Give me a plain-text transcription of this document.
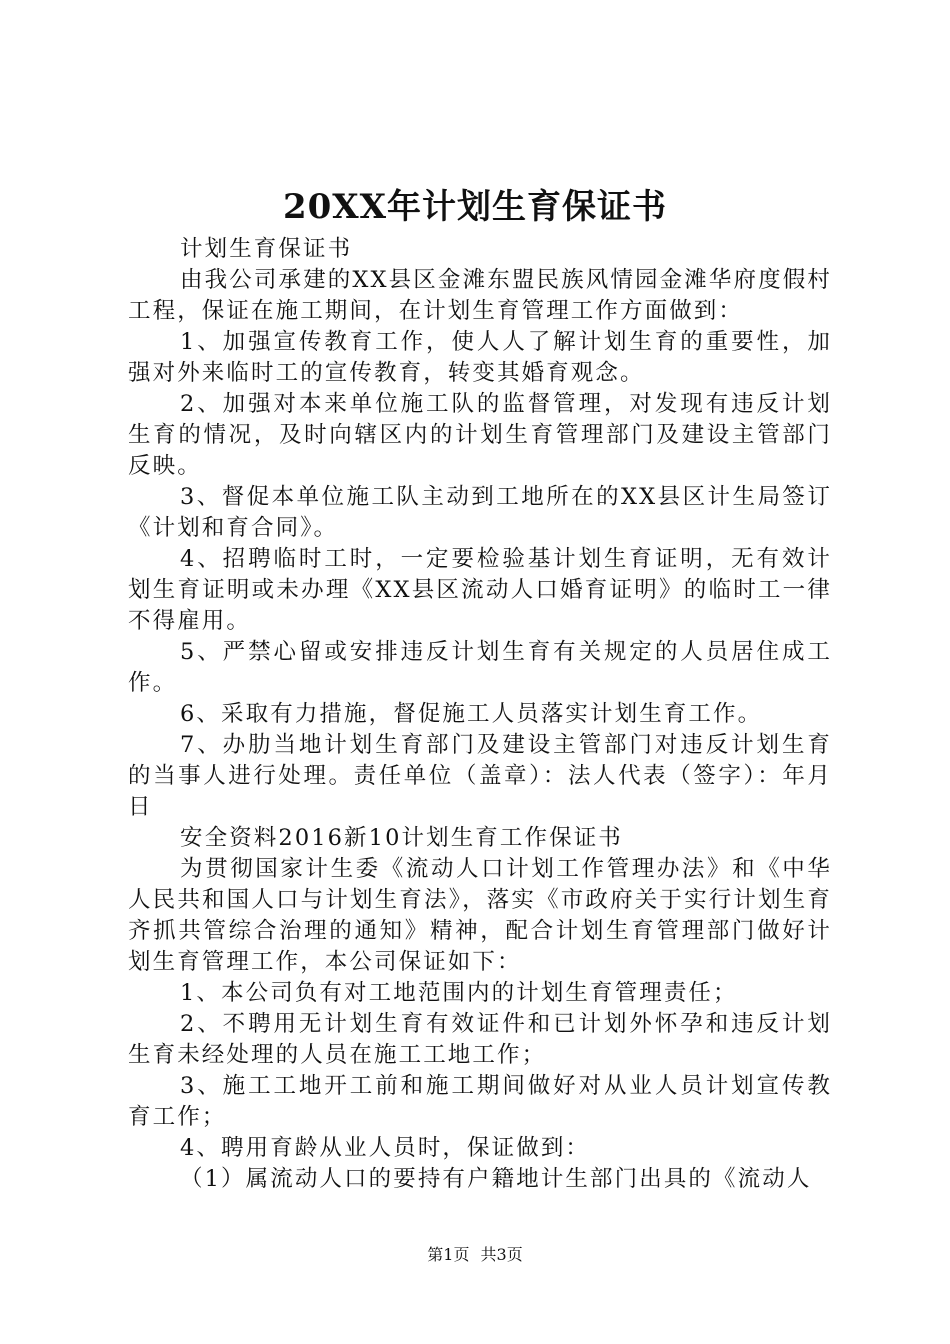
20XX年计划生育保证书

计划生育保证书

由我公司承建的XX县区金滩东盟民族风情园金滩华府度假村工程，保证在施工期间，在计划生育管理工作方面做到：

1、加强宣传教育工作，使人人了解计划生育的重要性，加强对外来临时工的宣传教育，转变其婚育观念。

2、加强对本来单位施工队的监督管理，对发现有违反计划生育的情况，及时向辖区内的计划生育管理部门及建设主管部门反映。

3、督促本单位施工队主动到工地所在的XX县区计生局签订《计划和育合同》。

4、招聘临时工时，一定要检验基计划生育证明，无有效计划生育证明或未办理《XX县区流动人口婚育证明》的临时工一律不得雇用。

5、严禁心留或安排违反计划生育有关规定的人员居住成工作。

6、采取有力措施，督促施工人员落实计划生育工作。

7、办肋当地计划生育部门及建设主管部门对违反计划生育的当事人进行处理。责任单位（盖章）：法人代表（签字）：年月日

安全资料2016新10计划生育工作保证书

为贯彻国家计生委《流动人口计划工作管理办法》和《中华人民共和国人口与计划生育法》，落实《市政府关于实行计划生育齐抓共管综合治理的通知》精神，配合计划生育管理部门做好计划生育管理工作，本公司保证如下：

1、本公司负有对工地范围内的计划生育管理责任；

2、不聘用无计划生育有效证件和已计划外怀孕和违反计划生育未经处理的人员在施工工地工作；

3、施工工地开工前和施工期间做好对从业人员计划宣传教育工作；

4、聘用育龄从业人员时，保证做到：

（1）属流动人口的要持有户籍地计生部门出具的《流动人

第1页 共3页
